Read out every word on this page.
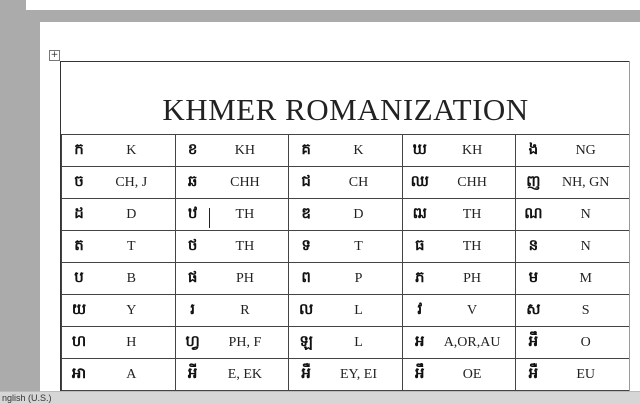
+
KHMER ROMANIZATION
ក K	ខ KH	គ K	ឃ KH	ង NG

ច CH, J	ឆ CHH	ជ CH	ឈ CHH	ញ NH, GN

ដ D	ឋ TH	ឌ D	ឍ TH	ណ N

ត T	ថ TH	ទ T	ធ TH	ន N

ប B	ផ PH	ព P	ភ PH	ម M

យ Y	រ R	ល L	វ V	ស S

ហ H	ហ្វ PH, F	ឡ L	អ A,OR,AU	អឹ O

អា A	អី E, EK	អឺ EY, EI	អឹ OE	អឺ EU
nglish (U.S.)
